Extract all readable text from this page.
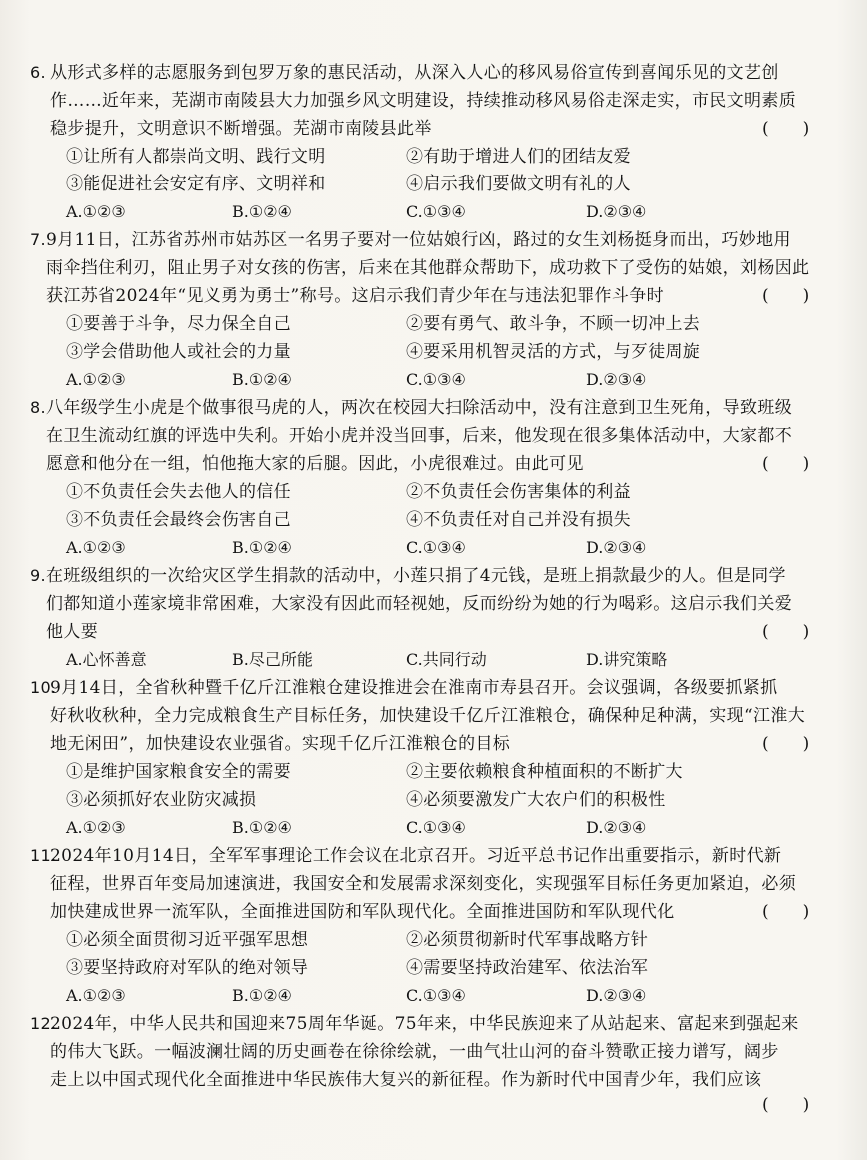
6. 从形式多样的志愿服务到包罗万象的惠民活动，从深入人心的移风易俗宣传到喜闻乐见的文艺创
作……近年来，芜湖市南陵县大力加强乡风文明建设，持续推动移风易俗走深走实，市民文明素质
稳步提升，文明意识不断增强。芜湖市南陵县此举	(　　)
①让所有人都崇尚文明、践行文明	②有助于增进人们的团结友爱
③能促进社会安定有序、文明祥和	④启示我们要做文明有礼的人
A.①②③	B.①②④	C.①③④	D.②③④
7. 9月11日，江苏省苏州市姑苏区一名男子要对一位姑娘行凶，路过的女生刘杨挺身而出，巧妙地用
雨伞挡住利刃，阻止男子对女孩的伤害，后来在其他群众帮助下，成功救下了受伤的姑娘，刘杨因此
获江苏省2024年“见义勇为勇士”称号。这启示我们青少年在与违法犯罪作斗争时	(　　)
①要善于斗争，尽力保全自己	②要有勇气、敢斗争，不顾一切冲上去
③学会借助他人或社会的力量	④要采用机智灵活的方式，与歹徒周旋
A.①②③	B.①②④	C.①③④	D.②③④
8. 八年级学生小虎是个做事很马虎的人，两次在校园大扫除活动中，没有注意到卫生死角，导致班级
在卫生流动红旗的评选中失利。开始小虎并没当回事，后来，他发现在很多集体活动中，大家都不
愿意和他分在一组，怕他拖大家的后腿。因此，小虎很难过。由此可见	(　　)
①不负责任会失去他人的信任	②不负责任会伤害集体的利益
③不负责任会最终会伤害自己	④不负责任对自己并没有损失
A.①②③	B.①②④	C.①③④	D.②③④
9. 在班级组织的一次给灾区学生捐款的活动中，小莲只捐了4元钱，是班上捐款最少的人。但是同学
们都知道小莲家境非常困难，大家没有因此而轻视她，反而纷纷为她的行为喝彩。这启示我们关爱
他人要	(　　)
A.心怀善意	B.尽己所能	C.共同行动	D.讲究策略
10.
9月14日，全省秋种暨千亿斤江淮粮仓建设推进会在淮南市寿县召开。会议强调，各级要抓紧抓
好秋收秋种，全力完成粮食生产目标任务，加快建设千亿斤江淮粮仓，确保种足种满，实现“江淮大
地无闲田”，加快建设农业强省。实现千亿斤江淮粮仓的目标	(　　)
①是维护国家粮食安全的需要	②主要依赖粮食种植面积的不断扩大
③必须抓好农业防灾减损	④必须要激发广大农户们的积极性
A.①②③	B.①②④	C.①③④	D.②③④
11.
2024年10月14日，全军军事理论工作会议在北京召开。习近平总书记作出重要指示，新时代新
征程，世界百年变局加速演进，我国安全和发展需求深刻变化，实现强军目标任务更加紧迫，必须
加快建成世界一流军队，全面推进国防和军队现代化。全面推进国防和军队现代化	(　　)
①必须全面贯彻习近平强军思想	②必须贯彻新时代军事战略方针
③要坚持政府对军队的绝对领导	④需要坚持政治建军、依法治军
A.①②③	B.①②④	C.①③④	D.②③④
12.
2024年，中华人民共和国迎来75周年华诞。75年来，中华民族迎来了从站起来、富起来到强起来
的伟大飞跃。一幅波澜壮阔的历史画卷在徐徐绘就，一曲气壮山河的奋斗赞歌正接力谱写，阔步
走上以中国式现代化全面推进中华民族伟大复兴的新征程。作为新时代中国青少年，我们应该
(　　)
